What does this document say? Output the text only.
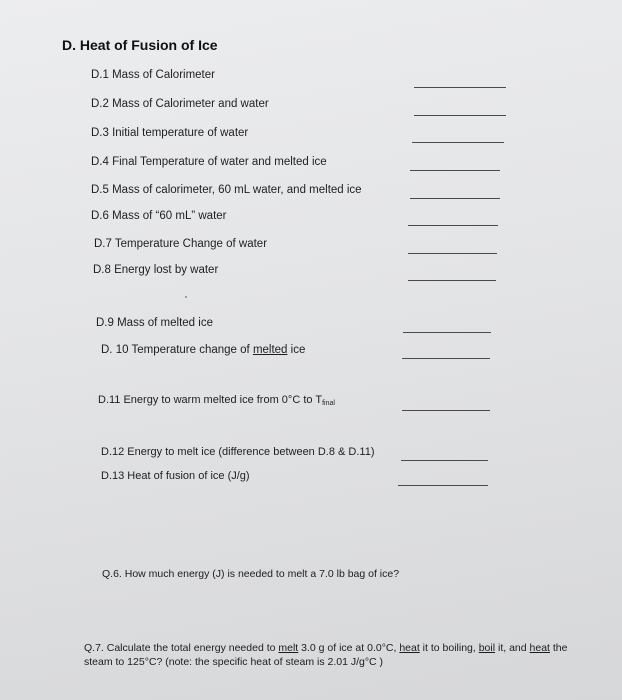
D. Heat of Fusion of Ice
D.1 Mass of Calorimeter
D.2 Mass of Calorimeter and water
D.3 Initial temperature of water
D.4 Final Temperature of water and melted ice
D.5 Mass of calorimeter, 60 mL water, and melted ice
D.6 Mass of “60 mL” water
D.7 Temperature Change of water
D.8 Energy lost by water
D.9 Mass of melted ice
D. 10 Temperature change of melted ice
D.11 Energy to warm melted ice from 0°C to $T_{final}$
D.12 Energy to melt ice (difference between D.8 & D.11)
D.13 Heat of fusion of ice (J/g)
Q.6. How much energy (J) is needed to melt a 7.0 lb bag of ice?
Q.7. Calculate the total energy needed to melt 3.0 g of ice at 0.0°C, heat it to boiling, boil it, and heat the steam to 125°C? (note: the specific heat of steam is 2.01 J/g°C )
